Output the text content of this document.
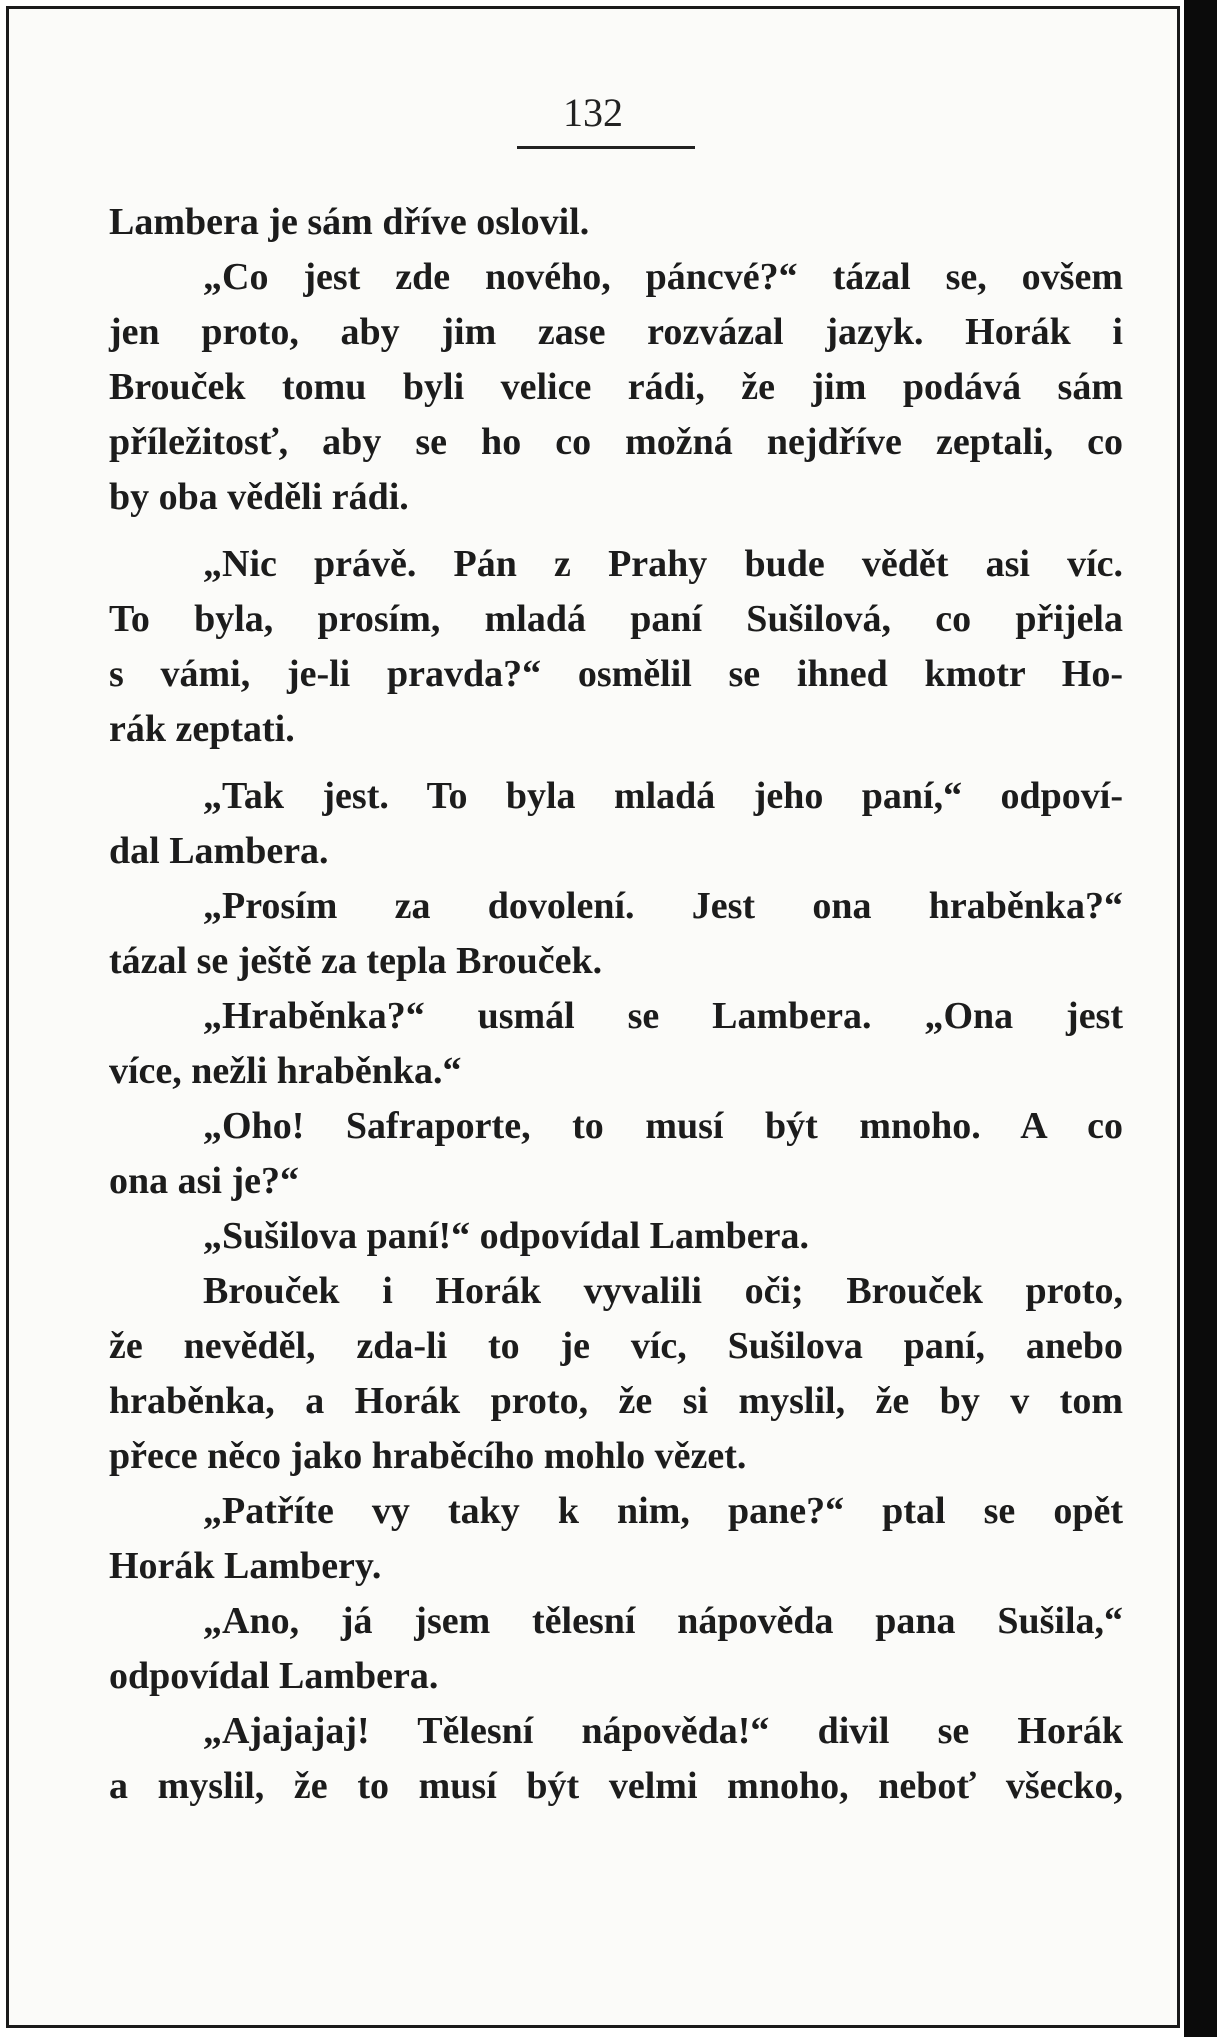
132
Lambera je sám dříve oslovil.
„Co jest zde nového, páncvé?“ tázal se, ovšem
jen proto, aby jim zase rozvázal jazyk. Horák i
Brouček tomu byli velice rádi, že jim podává sám
příležitosť, aby se ho co možná nejdříve zeptali, co
by oba věděli rádi.
„Nic právě. Pán z Prahy bude vědět asi víc.
To byla, prosím, mladá paní Sušilová, co přijela
s vámi, je-li pravda?“ osmělil se ihned kmotr Ho-
rák zeptati.
„Tak jest. To byla mladá jeho paní,“ odpoví-
dal Lambera.
„Prosím za dovolení. Jest ona hraběnka?“
tázal se ještě za tepla Brouček.
„Hraběnka?“ usmál se Lambera. „Ona jest
více, nežli hraběnka.“
„Oho! Safraporte, to musí být mnoho. A co
ona asi je?“
„Sušilova paní!“ odpovídal Lambera.
Brouček i Horák vyvalili oči; Brouček proto,
že nevěděl, zda-li to je víc, Sušilova paní, anebo
hraběnka, a Horák proto, že si myslil, že by v tom
přece něco jako hraběcího mohlo vězet.
„Patříte vy taky k nim, pane?“ ptal se opět
Horák Lambery.
„Ano, já jsem tělesní nápověda pana Sušila,“
odpovídal Lambera.
„Ajajajaj! Tělesní nápověda!“ divil se Horák
a myslil, že to musí být velmi mnoho, neboť všecko,
